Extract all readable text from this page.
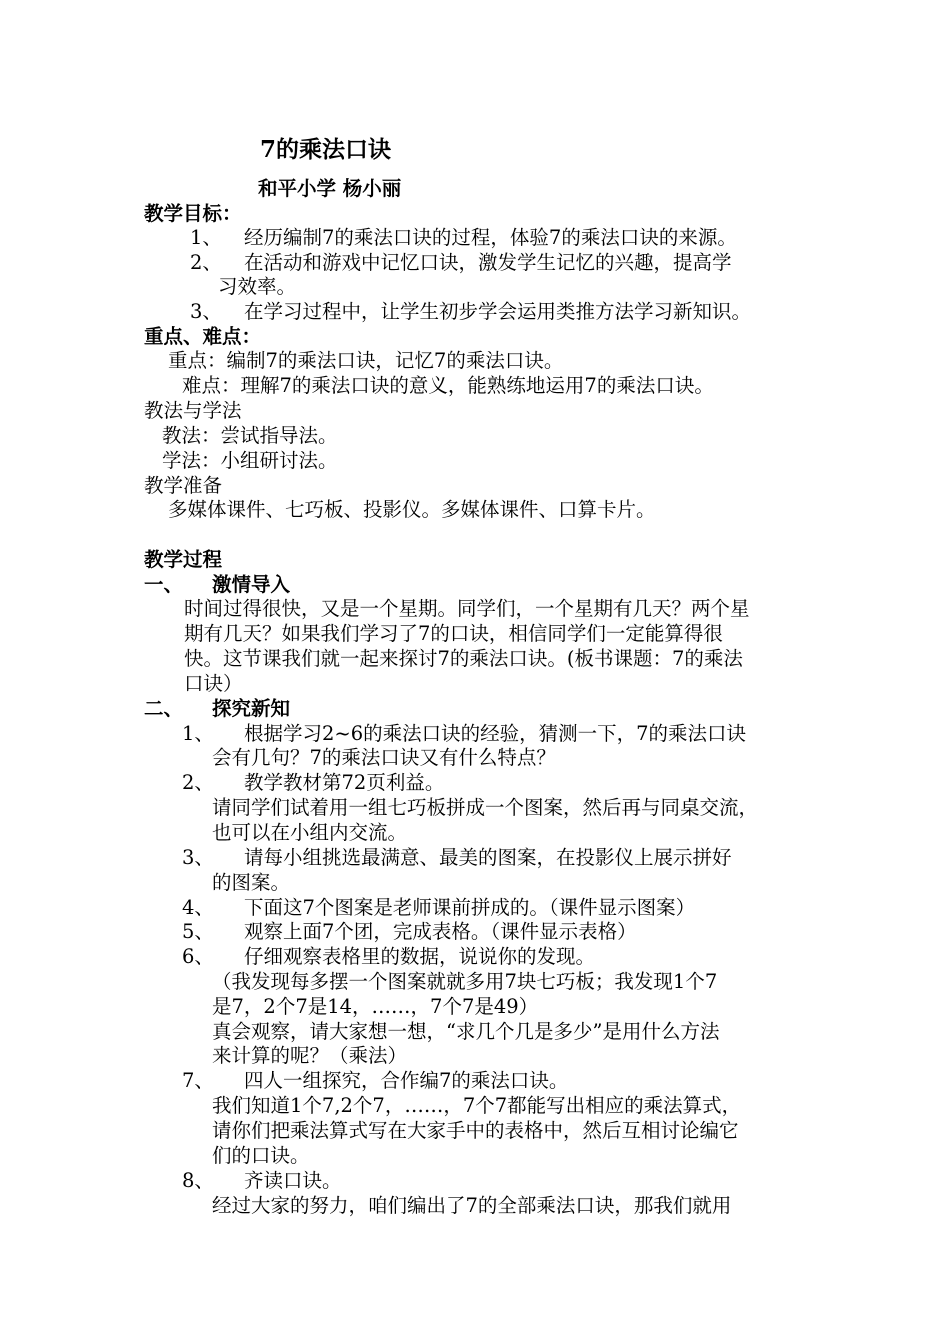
7的乘法口诀
和平小学 杨小丽
教学目标：
1、 经历编制7的乘法口诀的过程，体验7的乘法口诀的来源。
2、 在活动和游戏中记忆口诀，激发学生记忆的兴趣，提高学
习效率。
3、 在学习过程中，让学生初步学会运用类推方法学习新知识。
重点、难点：
重点：编制7的乘法口诀，记忆7的乘法口诀。
难点：理解7的乘法口诀的意义，能熟练地运用7的乘法口诀。
教法与学法
教法：尝试指导法。
学法：小组研讨法。
教学准备
多媒体课件、七巧板、投影仪。多媒体课件、口算卡片。
教学过程
一、 激情导入
时间过得很快，又是一个星期。同学们，一个星期有几天？两个星
期有几天？如果我们学习了7的口诀，相信同学们一定能算得很
快。这节课我们就一起来探讨7的乘法口诀。(板书课题：7的乘法
口诀）
二、 探究新知
1、 根据学习2~6的乘法口诀的经验，猜测一下，7的乘法口诀
会有几句？7的乘法口诀又有什么特点？
2、 教学教材第72页利益。
请同学们试着用一组七巧板拼成一个图案，然后再与同桌交流，
也可以在小组内交流。
3、 请每小组挑选最满意、最美的图案，在投影仪上展示拼好
的图案。
4、 下面这7个图案是老师课前拼成的。（课件显示图案）
5、 观察上面7个团，完成表格。（课件显示表格）
6、 仔细观察表格里的数据，说说你的发现。
（我发现每多摆一个图案就就多用7块七巧板；我发现1个7
是7，2个7是14，……，7个7是49）
真会观察，请大家想一想，“求几个几是多少”是用什么方法
来计算的呢？（乘法）
7、 四人一组探究，合作编7的乘法口诀。
我们知道1个7,2个7，……，7个7都能写出相应的乘法算式，
请你们把乘法算式写在大家手中的表格中，然后互相讨论编它
们的口诀。
8、 齐读口诀。
经过大家的努力，咱们编出了7的全部乘法口诀，那我们就用
